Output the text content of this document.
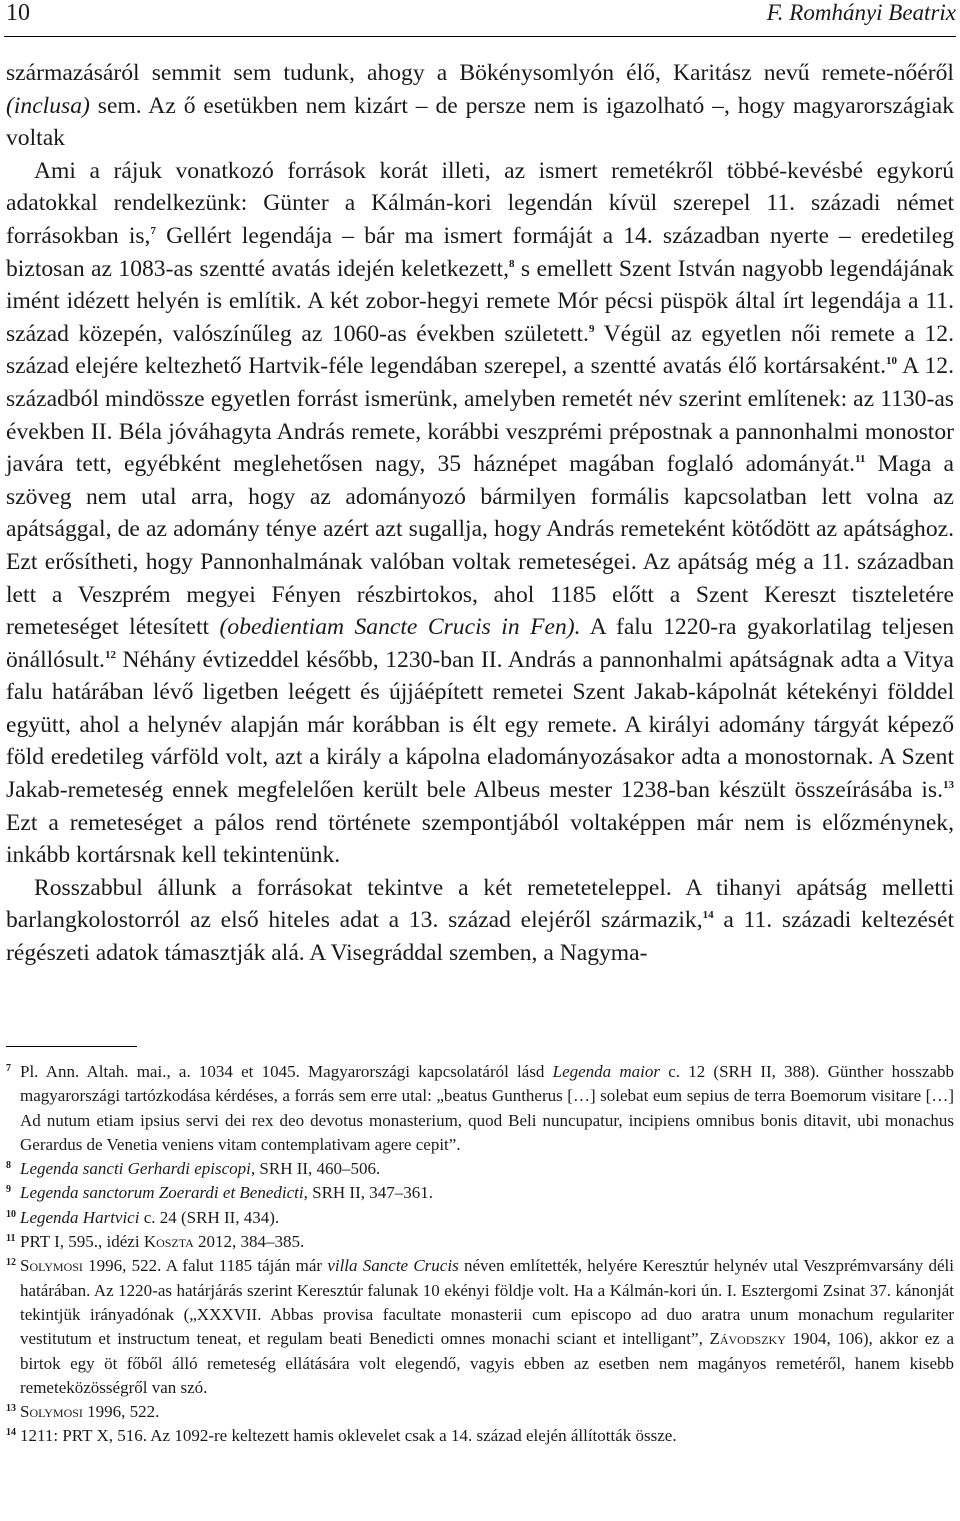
10	F. Romhányi Beatrix

származásáról semmit sem tudunk, ahogy a Bökénysomlyón élő, Karitász nevű remete-nőéről (inclusa) sem. Az ő esetükben nem kizárt – de persze nem is igazolható –, hogy magyarországiak voltak

Ami a rájuk vonatkozó források korát illeti, az ismert remetékről többé-kevésbé egykorú adatokkal rendelkezünk: Günter a Kálmán-kori legendán kívül szerepel 11. századi német forrásokban is,$^7$ Gellért legendája – bár ma ismert formáját a 14. században nyerte – eredetileg biztosan az 1083-as szentté avatás idején keletkezett,$^8$ s emellett Szent István nagyobb legendájának imént idézett helyén is említik. A két zobor-hegyi remete Mór pécsi püspök által írt legendája a 11. század közepén, valószínűleg az 1060-as években született.$^9$ Végül az egyetlen női remete a 12. század elejére keltezhető Hartvik-féle legendában szerepel, a szentté avatás élő kortársaként.$^{10}$ A 12. századból mindössze egyetlen forrást ismerünk, amelyben remetét név szerint említenek: az 1130-as években II. Béla jóváhagyta András remete, korábbi veszprémi prépostnak a pannonhalmi monostor javára tett, egyébként meglehetősen nagy, 35 háznépet magában foglaló adományát.$^{11}$ Maga a szöveg nem utal arra, hogy az adományozó bármilyen formális kapcsolatban lett volna az apátsággal, de az adomány ténye azért azt sugallja, hogy András remeteként kötődött az apátsághoz. Ezt erősítheti, hogy Pannonhalmának valóban voltak remeteségei. Az apátság még a 11. században lett a Veszprém megyei Fényen részbirtokos, ahol 1185 előtt a Szent Kereszt tiszteletére remeteséget létesített (obedientiam Sancte Crucis in Fen). A falu 1220-ra gyakorlatilag teljesen önállósult.$^{12}$ Néhány évtizeddel később, 1230-ban II. András a pannonhalmi apátságnak adta a Vitya falu határában lévő ligetben leégett és újjáépített remetei Szent Jakab-kápolnát kétekényi földdel együtt, ahol a helynév alapján már korábban is élt egy remete. A királyi adomány tárgyát képező föld eredetileg várföld volt, azt a király a kápolna eladományozásakor adta a monostornak. A Szent Jakab-remeteség ennek megfelelően került bele Albeus mester 1238-ban készült összeírásába is.$^{13}$ Ezt a remeteséget a pálos rend története szempontjából voltaképpen már nem is előzménynek, inkább kortársnak kell tekintenünk.

Rosszabbul állunk a forrásokat tekintve a két remeteteleppel. A tihanyi apátság melletti barlangkolostorról az első hiteles adat a 13. század elejéről származik,$^{14}$ a 11. századi keltezését régészeti adatok támasztják alá. A Visegráddal szemben, a Nagyma-

7 Pl. Ann. Altah. mai., a. 1034 et 1045. Magyarországi kapcsolatáról lásd Legenda maior c. 12 (SRH II, 388). Günther hosszabb magyarországi tartózkodása kérdéses, a forrás sem erre utal: „beatus Guntherus […] solebat eum sepius de terra Boemorum visitare […] Ad nutum etiam ipsius servi dei rex deo devotus monasterium, quod Beli nuncupatur, incipiens omnibus bonis ditavit, ubi monachus Gerardus de Venetia veniens vitam contemplativam agere cepit”.

8 Legenda sancti Gerhardi episcopi, SRH II, 460–506.

9 Legenda sanctorum Zoerardi et Benedicti, SRH II, 347–361.

10 Legenda Hartvici c. 24 (SRH II, 434).

11 PRT I, 595., idézi Koszta 2012, 384–385.

12 Solymosi 1996, 522. A falut 1185 táján már villa Sancte Crucis néven említették, helyére Keresztúr helynév utal Veszprémvarsány déli határában. Az 1220-as határjárás szerint Keresztúr falunak 10 ekényi földje volt. Ha a Kálmán-kori ún. I. Esztergomi Zsinat 37. kánonját tekintjük irányadónak („XXXVII. Abbas provisa facultate monasterii cum episcopo ad duo aratra unum monachum regulariter vestitutum et instructum teneat, et regulam beati Benedicti omnes monachi sciant et intelligant”, Závodszky 1904, 106), akkor ez a birtok egy öt főből álló remeteség ellátására volt elegendő, vagyis ebben az esetben nem magányos remetéről, hanem kisebb remeteközösségről van szó.

13 Solymosi 1996, 522.

14 1211: PRT X, 516. Az 1092-re keltezett hamis oklevelet csak a 14. század elején állították össze.
